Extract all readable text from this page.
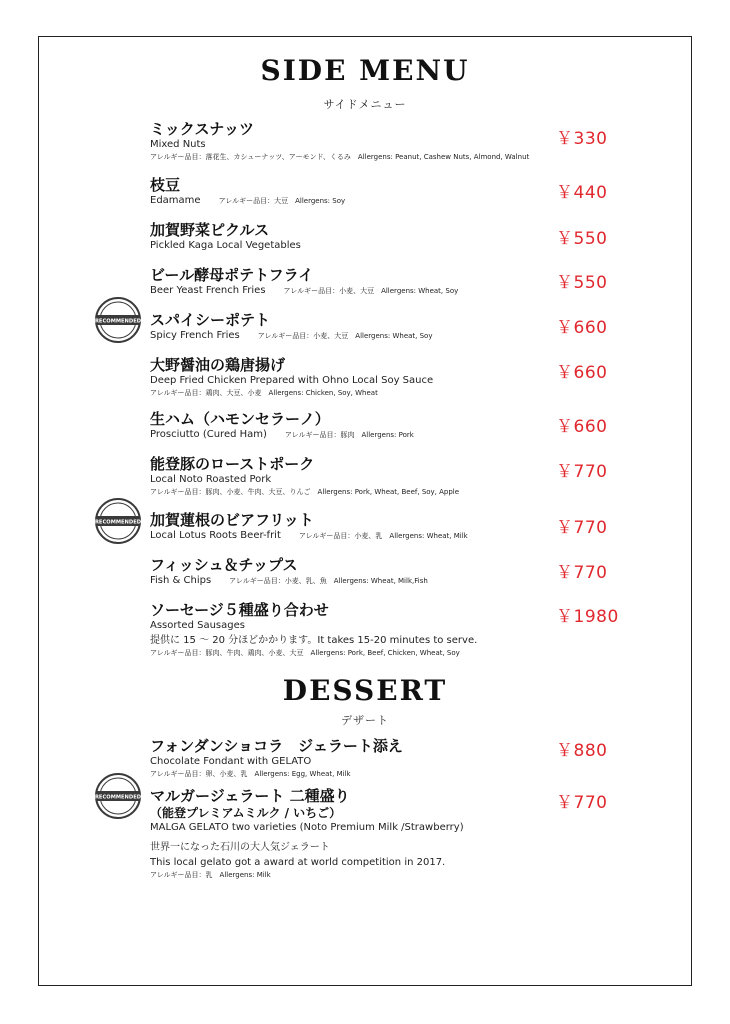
SIDE MENU
サイドメニュー
ミックスナッツ
Mixed Nuts
アレルギー品目：落花生、カシューナッツ、アーモンド、くるみ　Allergens: Peanut, Cashew Nuts, Almond, Walnut
￥330
枝豆
Edamame	アレルギー品目：大豆　Allergens: Soy	￥440
加賀野菜ピクルス
Pickled Kaga Local Vegetables	￥550
ビール酵母ポテトフライ
Beer Yeast French Fries	アレルギー品目：小麦、大豆　Allergens: Wheat, Soy	￥550
RECOMMENDED スパイシーポテト
Spicy French Fries	アレルギー品目：小麦、大豆　Allergens: Wheat, Soy	￥660
大野醤油の鶏唐揚げ
Deep Fried Chicken Prepared with Ohno Local Soy Sauce
アレルギー品目：鶏肉、大豆、小麦　Allergens: Chicken, Soy, Wheat
￥660
生ハム（ハモンセラーノ）
Prosciutto (Cured Ham)	アレルギー品目：豚肉　Allergens: Pork	￥660
能登豚のローストポーク
Local Noto Roasted Pork
アレルギー品目：豚肉、小麦、牛肉、大豆、りんご　Allergens: Pork, Wheat, Beef, Soy, Apple
￥770
RECOMMENDED 加賀蓮根のビアフリット
Local Lotus Roots Beer-frit	アレルギー品目：小麦、乳　Allergens: Wheat, Milk	￥770
フィッシュ＆チップス
Fish & Chips	アレルギー品目：小麦、乳、魚　Allergens: Wheat, Milk,Fish	￥770
ソーセージ５種盛り合わせ
Assorted Sausages
提供に 15 ～ 20 分ほどかかります。It takes 15-20 minutes to serve.
アレルギー品目：豚肉、牛肉、鶏肉、小麦、大豆　Allergens: Pork, Beef, Chicken, Wheat, Soy
￥1980
DESSERT
デザート
フォンダンショコラ　ジェラート添え
Chocolate Fondant with GELATO
アレルギー品目：卵、小麦、乳　Allergens: Egg, Wheat, Milk
￥880
RECOMMENDED マルガージェラート 二種盛り
（能登プレミアムミルク / いちご）
MALGA GELATO two varieties (Noto Premium Milk /Strawberry)
世界一になった石川の大人気ジェラート
This local gelato got a award at world competition in 2017.
アレルギー品目：乳　Allergens: Milk
￥770
